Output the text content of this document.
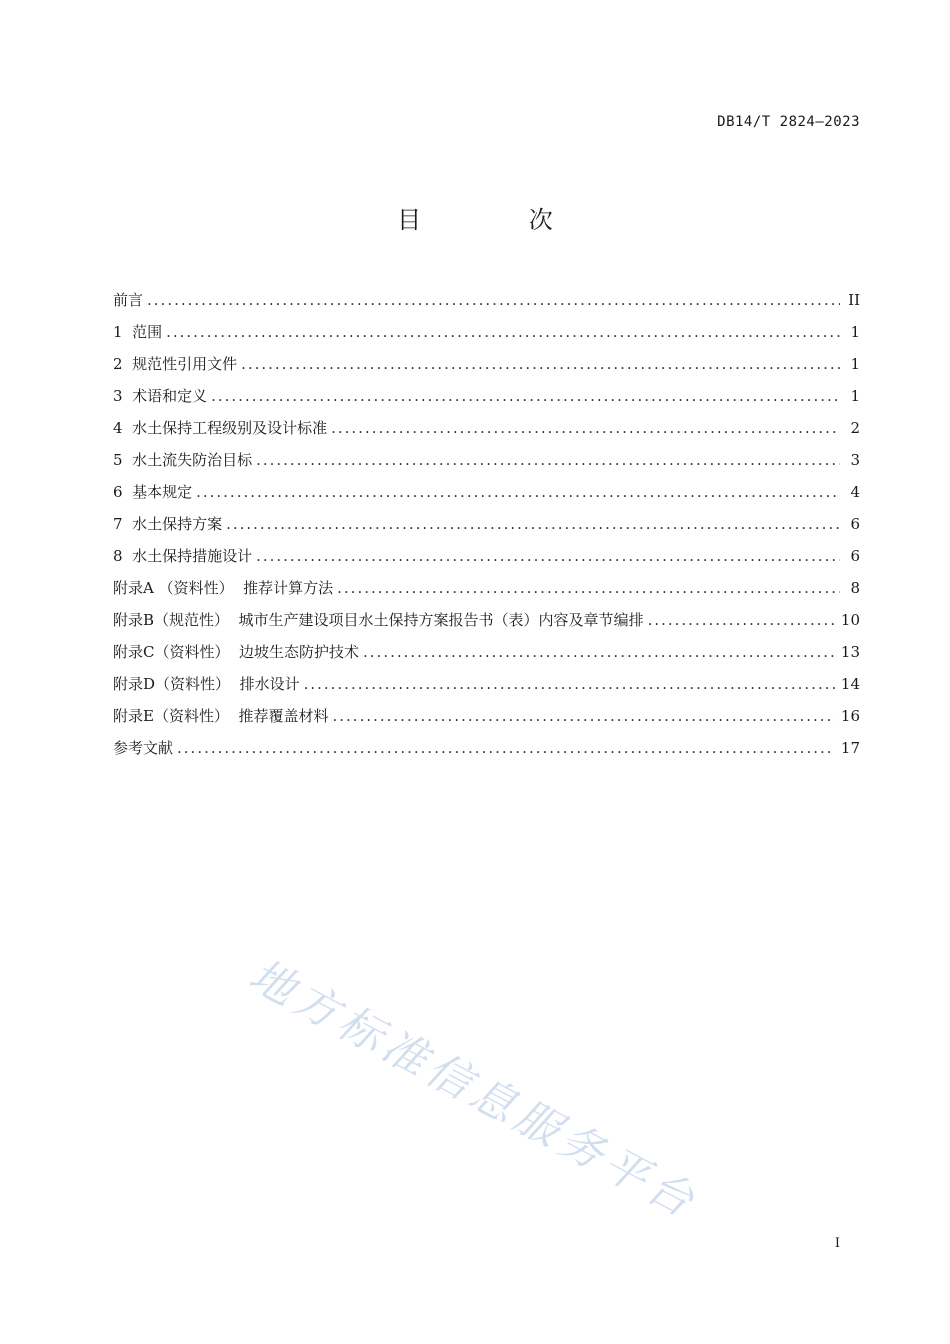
DB14/T 2824—2023
目 次
前言 .....	II
1  范围 .....	1
2  规范性引用文件 .....	1
3  术语和定义 .....	1
4  水土保持工程级别及设计标准 .....	2
5  水土流失防治目标 .....	3
6  基本规定 .....	4
7  水土保持方案 .....	6
8  水土保持措施设计 .....	6
附录A （资料性）  推荐计算方法 .....	8
附录B（规范性）  城市生产建设项目水土保持方案报告书（表）内容及章节编排 .....	10
附录C（资料性）  边坡生态防护技术 .....	13
附录D（资料性）  排水设计 .....	14
附录E（资料性）  推荐覆盖材料 .....	16
参考文献 .....	17
地方标准信息服务平台
I
